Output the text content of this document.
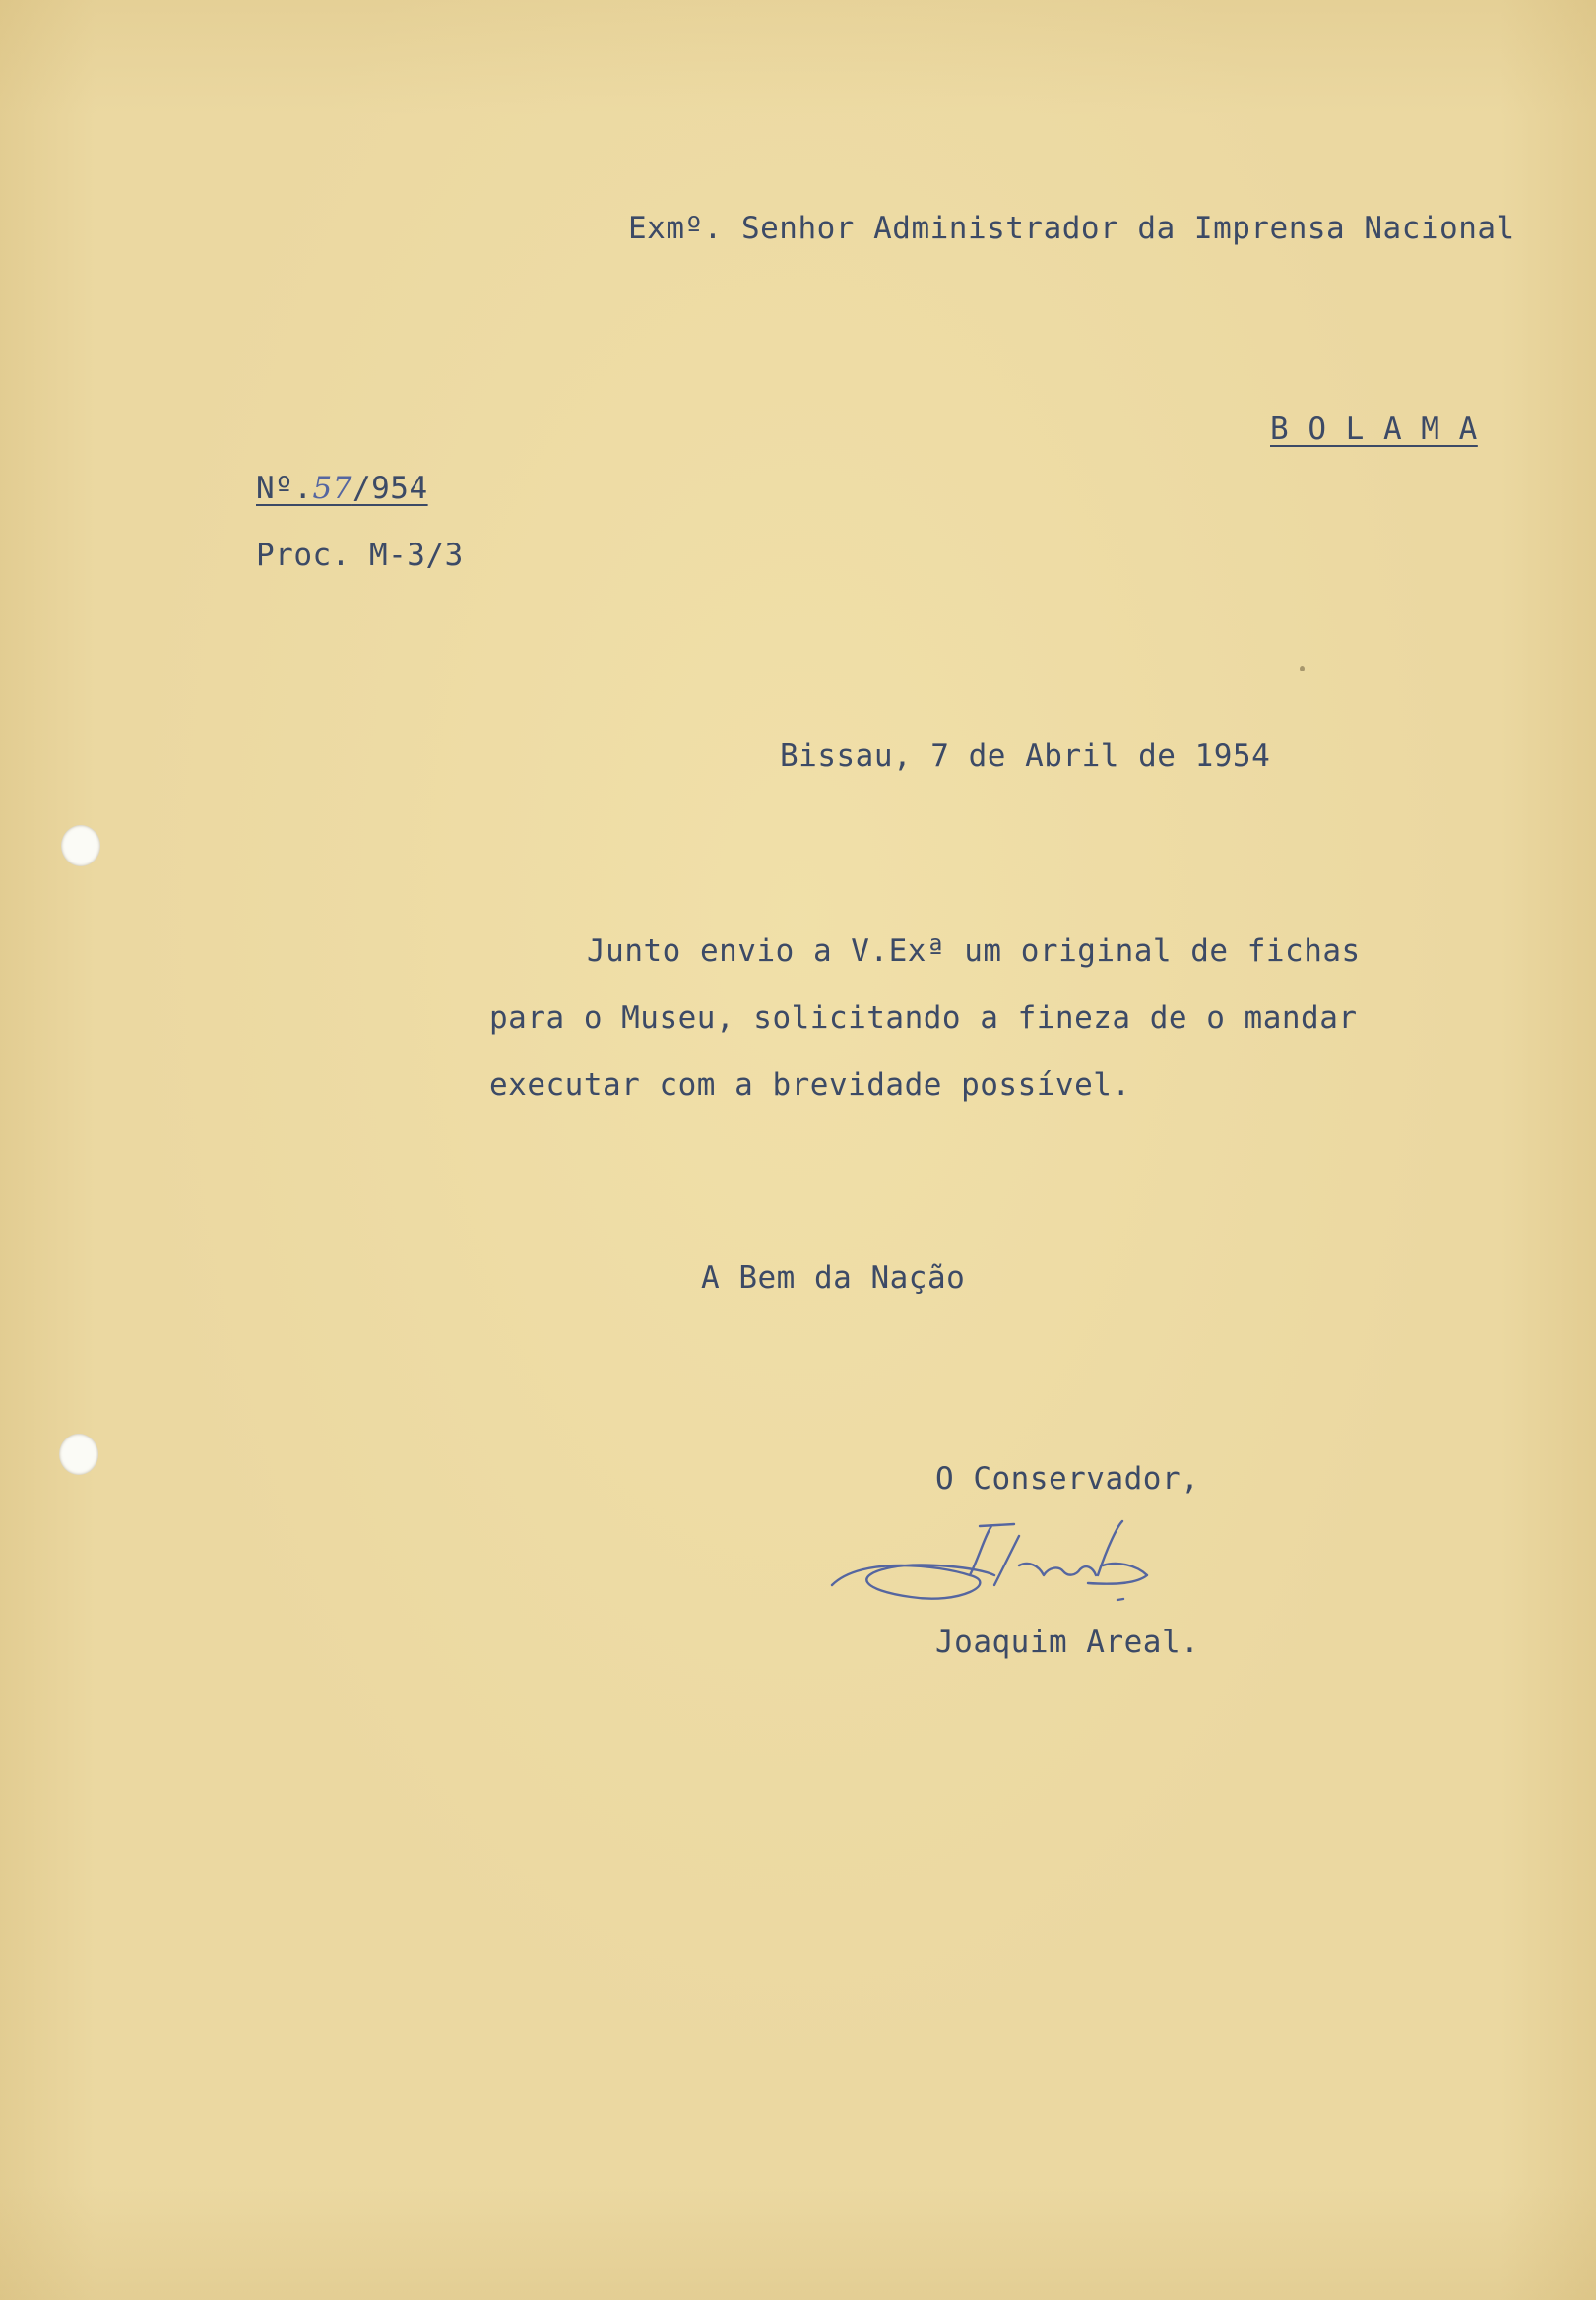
Exmº. Senhor Administrador da Imprensa Nacional

B O L A M A

Nº.57/954

Proc. M-3/3

Bissau, 7 de Abril de 1954

Junto envio a V.Exª um original de fichas

para o Museu, solicitando a fineza de o mandar

executar com a brevidade possível.

A Bem da Nação

O Conservador,

Joaquim Areal.
